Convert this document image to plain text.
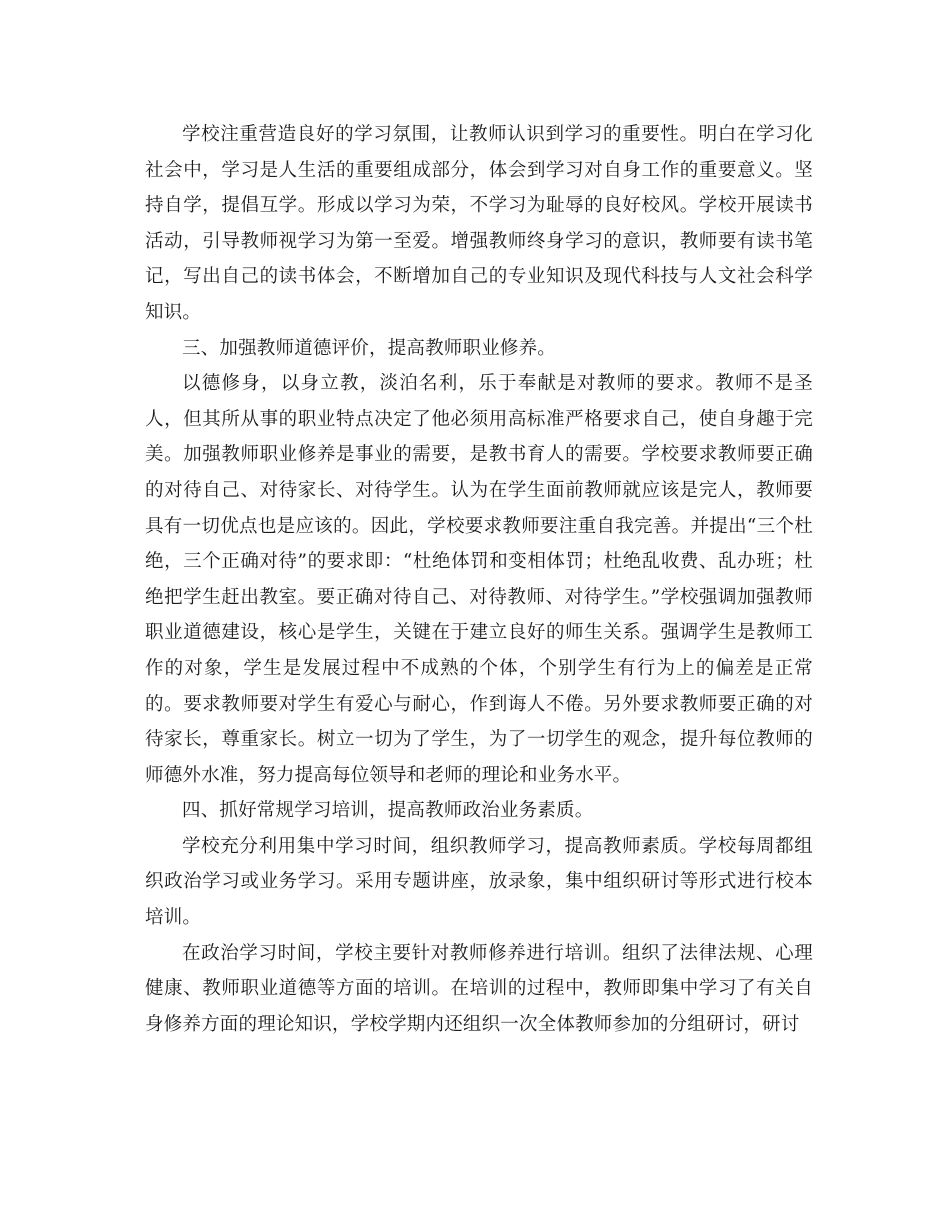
学校注重营造良好的学习氛围，让教师认识到学习的重要性。明白在学习化社会中，学习是人生活的重要组成部分，体会到学习对自身工作的重要意义。坚持自学，提倡互学。形成以学习为荣，不学习为耻辱的良好校风。学校开展读书活动，引导教师视学习为第一至爱。增强教师终身学习的意识，教师要有读书笔记，写出自己的读书体会，不断增加自己的专业知识及现代科技与人文社会科学知识。

三、加强教师道德评价，提高教师职业修养。

以德修身，以身立教，淡泊名利，乐于奉献是对教师的要求。教师不是圣人，但其所从事的职业特点决定了他必须用高标准严格要求自己，使自身趣于完美。加强教师职业修养是事业的需要，是教书育人的需要。学校要求教师要正确的对待自己、对待家长、对待学生。认为在学生面前教师就应该是完人，教师要具有一切优点也是应该的。因此，学校要求教师要注重自我完善。并提出“三个杜绝，三个正确对待”的要求即：“杜绝体罚和变相体罚；杜绝乱收费、乱办班；杜绝把学生赶出教室。要正确对待自己、对待教师、对待学生。”学校强调加强教师职业道德建设，核心是学生，关键在于建立良好的师生关系。强调学生是教师工作的对象，学生是发展过程中不成熟的个体，个别学生有行为上的偏差是正常的。要求教师要对学生有爱心与耐心，作到诲人不倦。另外要求教师要正确的对待家长，尊重家长。树立一切为了学生，为了一切学生的观念，提升每位教师的师德外水准，努力提高每位领导和老师的理论和业务水平。

四、抓好常规学习培训，提高教师政治业务素质。

学校充分利用集中学习时间，组织教师学习，提高教师素质。学校每周都组织政治学习或业务学习。采用专题讲座，放录象，集中组织研讨等形式进行校本培训。

在政治学习时间，学校主要针对教师修养进行培训。组织了法律法规、心理健康、教师职业道德等方面的培训。在培训的过程中，教师即集中学习了有关自身修养方面的理论知识，学校学期内还组织一次全体教师参加的分组研讨，研讨
